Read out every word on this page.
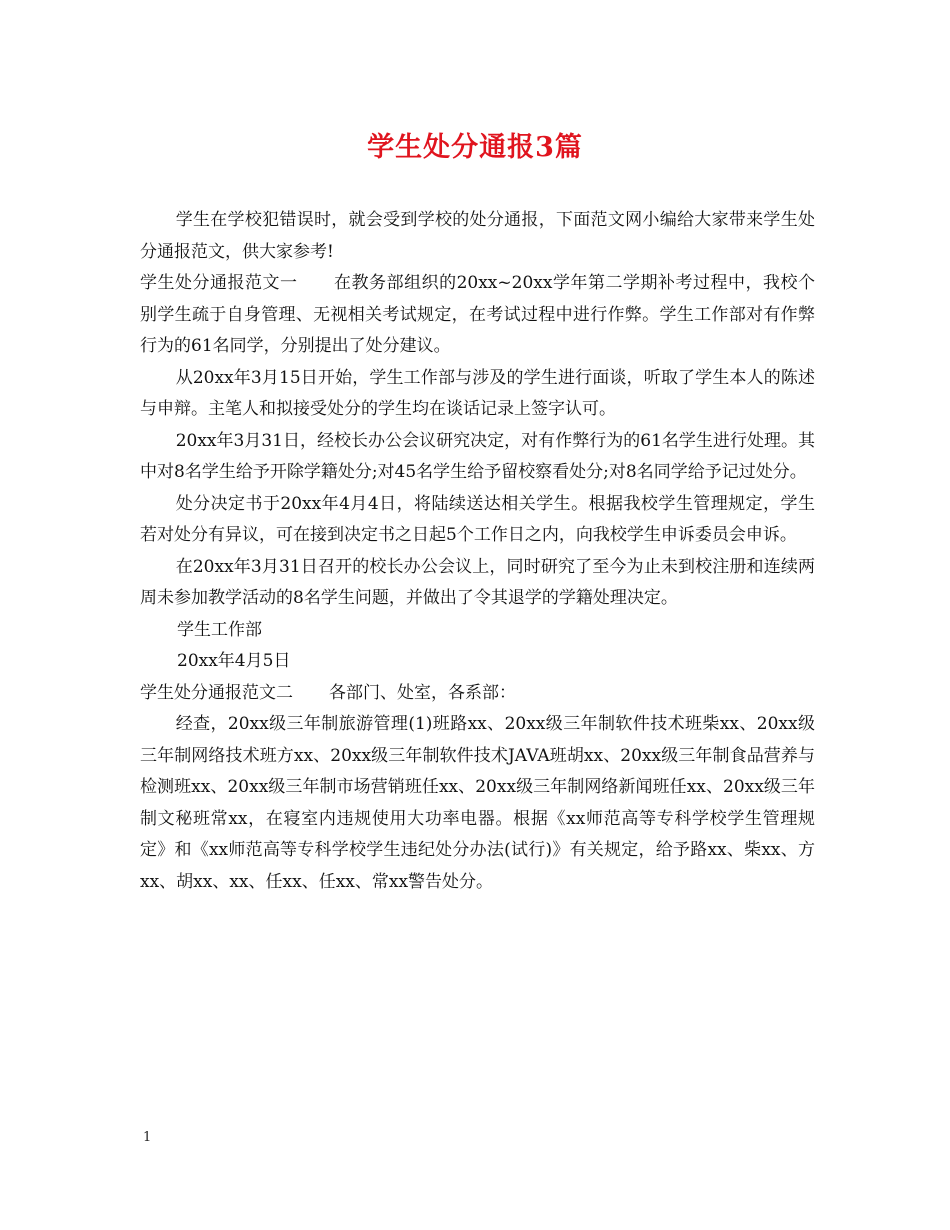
学生处分通报3篇

学生在学校犯错误时，就会受到学校的处分通报，下面范文网小编给大家带来学生处分通报范文，供大家参考!

学生处分通报范文一 在教务部组织的20xx~20xx学年第二学期补考过程中，我校个别学生疏于自身管理、无视相关考试规定，在考试过程中进行作弊。学生工作部对有作弊行为的61名同学，分别提出了处分建议。

从20xx年3月15日开始，学生工作部与涉及的学生进行面谈，听取了学生本人的陈述与申辩。主笔人和拟接受处分的学生均在谈话记录上签字认可。

20xx年3月31日，经校长办公会议研究决定，对有作弊行为的61名学生进行处理。其中对8名学生给予开除学籍处分;对45名学生给予留校察看处分;对8名同学给予记过处分。

处分决定书于20xx年4月4日，将陆续送达相关学生。根据我校学生管理规定，学生若对处分有异议，可在接到决定书之日起5个工作日之内，向我校学生申诉委员会申诉。

在20xx年3月31日召开的校长办公会议上，同时研究了至今为止未到校注册和连续两周未参加教学活动的8名学生问题，并做出了令其退学的学籍处理决定。

学生工作部

20xx年4月5日

学生处分通报范文二 各部门、处室，各系部：

经查，20xx级三年制旅游管理(1)班路xx、20xx级三年制软件技术班柴xx、20xx级三年制网络技术班方xx、20xx级三年制软件技术JAVA班胡xx、20xx级三年制食品营养与检测班xx、20xx级三年制市场营销班任xx、20xx级三年制网络新闻班任xx、20xx级三年制文秘班常xx，在寝室内违规使用大功率电器。根据《xx师范高等专科学校学生管理规定》和《xx师范高等专科学校学生违纪处分办法(试行)》有关规定，给予路xx、柴xx、方xx、胡xx、xx、任xx、任xx、常xx警告处分。

1
